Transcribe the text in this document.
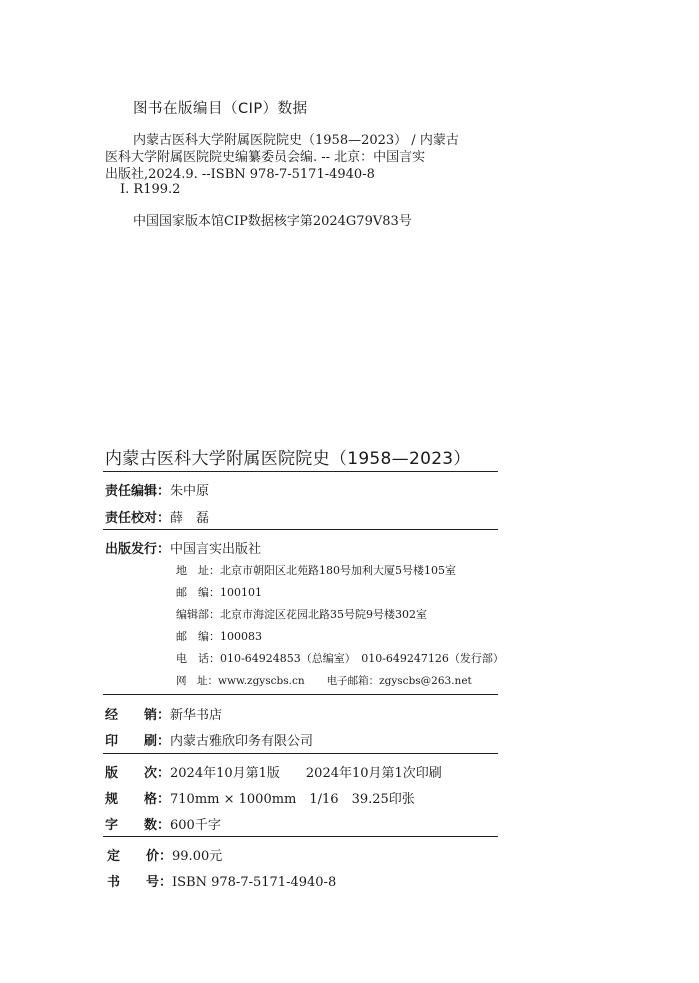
图书在版编目（CIP）数据
内蒙古医科大学附属医院院史（1958—2023） / 内蒙古
医科大学附属医院院史编纂委员会编. -- 北京：中国言实
出版社,2024.9. --ISBN 978-7-5171-4940-8
Ⅰ. R199.2
中国国家版本馆CIP数据核字第2024G79V83号
内蒙古医科大学附属医院院史（1958—2023）
责任编辑： 朱中原
责任校对： 薛　磊
出版发行： 中国言实出版社
地　址： 北京市朝阳区北苑路180号加利大厦5号楼105室
邮　编： 100101
编辑部： 北京市海淀区花园北路35号院9号楼302室
邮　编： 100083
电　话： 010-64924853（总编室）　010-649247126（发行部）
网　址： www.zgyscbs.cn 电子邮箱： zgyscbs@263.net
经　　销： 新华书店
印　　刷： 内蒙古雅欣印务有限公司
版　　次： 2024年10月第1版　　2024年10月第1次印刷
规　　格： 710mm × 1000mm　1/16　39.25印张
字　　数： 600千字
定　　价： 99.00元
书　　号： ISBN 978-7-5171-4940-8
